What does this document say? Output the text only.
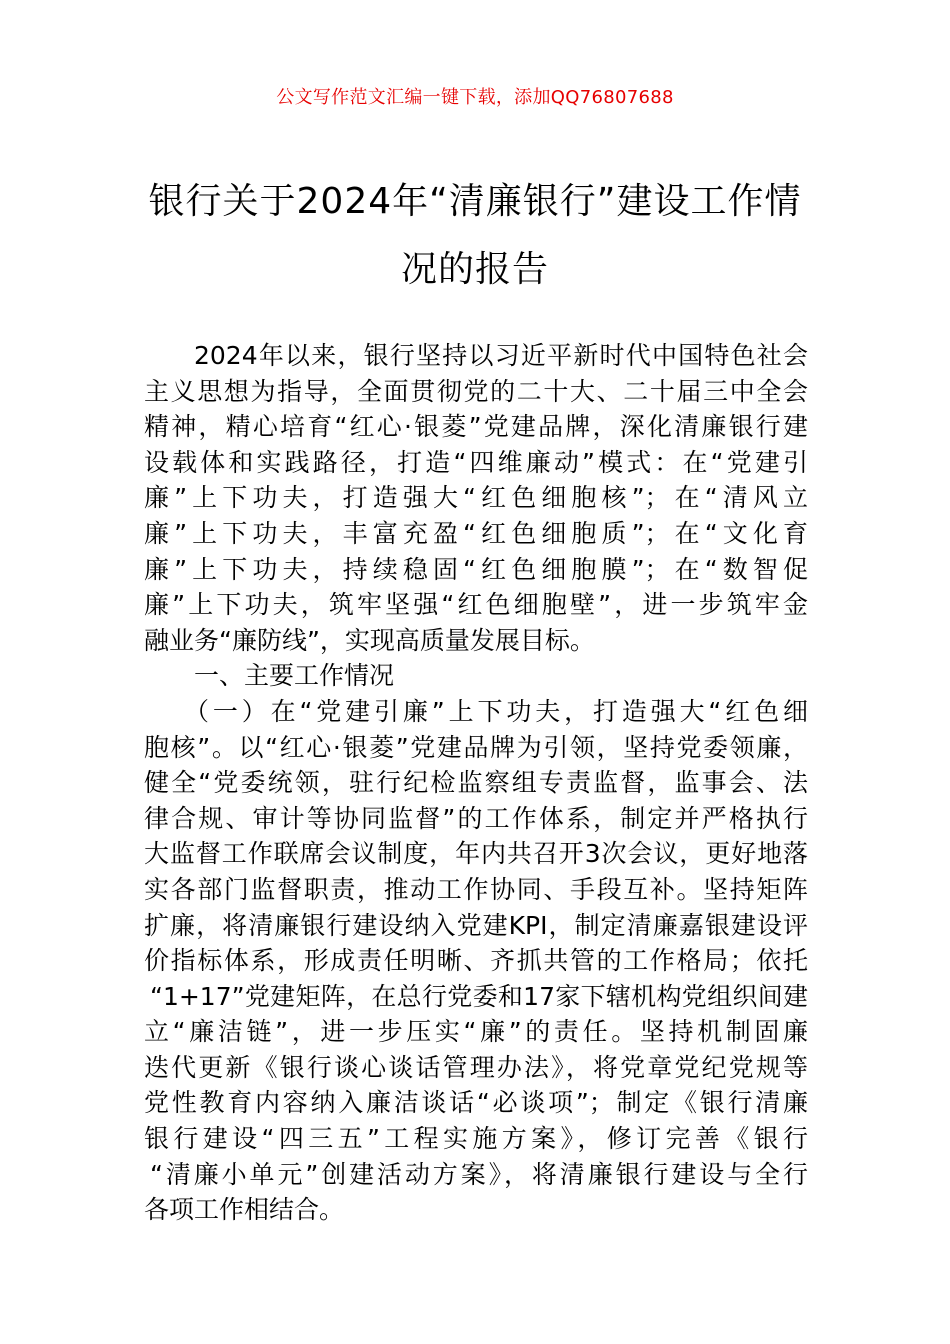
公文写作范文汇编一键下载，添加QQ76807688
银行关于2024年“清廉银行”建设工作情
况的报告
2024年以来，银行坚持以习近平新时代中国特色社会
主义思想为指导，全面贯彻党的二十大、二十届三中全会
精神，精心培育“红心·银菱”党建品牌，深化清廉银行建
设载体和实践路径，打造“四维廉动”模式：在“党建引
廉”上下功夫，打造强大“红色细胞核”；在“清风立
廉”上下功夫，丰富充盈“红色细胞质”；在“文化育
廉”上下功夫，持续稳固“红色细胞膜”；在“数智促
廉”上下功夫，筑牢坚强“红色细胞壁”，进一步筑牢金
融业务“廉防线”，实现高质量发展目标。
一、主要工作情况
（一）在“党建引廉”上下功夫，打造强大“红色细
胞核”。以“红心·银菱”党建品牌为引领，坚持党委领廉，
健全“党委统领，驻行纪检监察组专责监督，监事会、法
律合规、审计等协同监督”的工作体系，制定并严格执行
大监督工作联席会议制度，年内共召开3次会议，更好地落
实各部门监督职责，推动工作协同、手段互补。坚持矩阵
扩廉，将清廉银行建设纳入党建KPI，制定清廉嘉银建设评
价指标体系，形成责任明晰、齐抓共管的工作格局；依托
“1+17”党建矩阵，在总行党委和17家下辖机构党组织间建
立“廉洁链”，进一步压实“廉”的责任。坚持机制固廉
迭代更新《银行谈心谈话管理办法》，将党章党纪党规等
党性教育内容纳入廉洁谈话“必谈项”；制定《银行清廉
银行建设“四三五”工程实施方案》，修订完善《银行
“清廉小单元”创建活动方案》，将清廉银行建设与全行
各项工作相结合。
